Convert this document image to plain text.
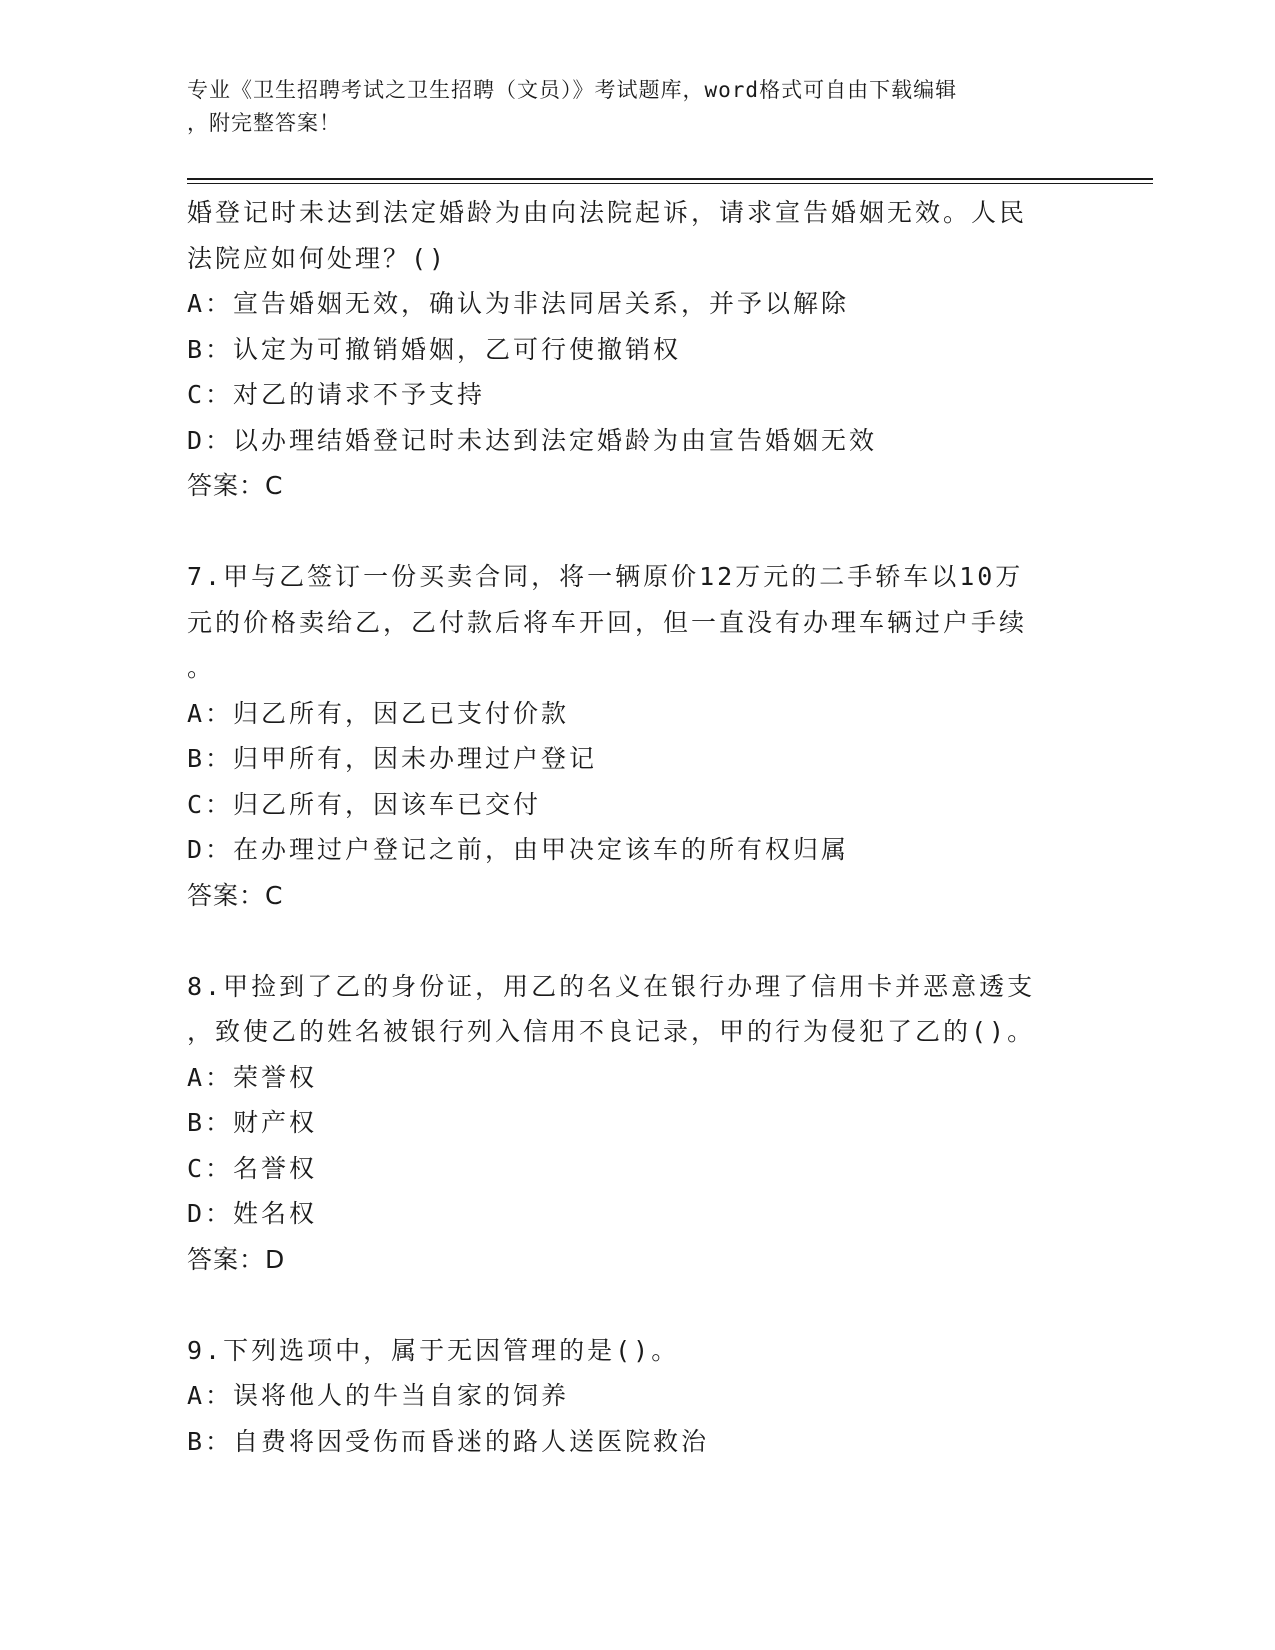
专业《卫生招聘考试之卫生招聘（文员）》考试题库，word格式可自由下载编辑

，附完整答案！

婚登记时未达到法定婚龄为由向法院起诉，请求宣告婚姻无效。人民

法院应如何处理？()

A：宣告婚姻无效，确认为非法同居关系，并予以解除

B：认定为可撤销婚姻，乙可行使撤销权

C：对乙的请求不予支持

D：以办理结婚登记时未达到法定婚龄为由宣告婚姻无效

答案：C

7.甲与乙签订一份买卖合同，将一辆原价12万元的二手轿车以10万

元的价格卖给乙，乙付款后将车开回，但一直没有办理车辆过户手续

。

A：归乙所有，因乙已支付价款

B：归甲所有，因未办理过户登记

C：归乙所有，因该车已交付

D：在办理过户登记之前，由甲决定该车的所有权归属

答案：C

8.甲捡到了乙的身份证，用乙的名义在银行办理了信用卡并恶意透支

，致使乙的姓名被银行列入信用不良记录，甲的行为侵犯了乙的()。

A：荣誉权

B：财产权

C：名誉权

D：姓名权

答案：D

9.下列选项中，属于无因管理的是()。

A：误将他人的牛当自家的饲养

B：自费将因受伤而昏迷的路人送医院救治
